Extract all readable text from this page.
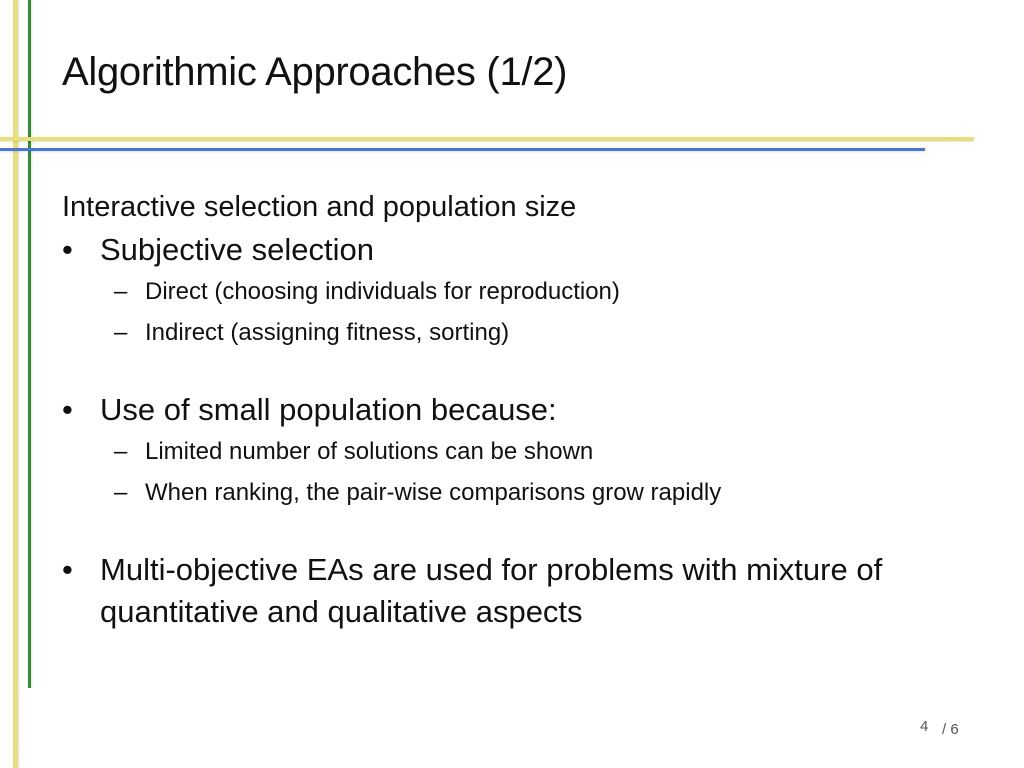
Algorithmic Approaches (1/2)

Interactive selection and population size

• Subjective selection
– Direct (choosing individuals for reproduction)
– Indirect (assigning fitness, sorting)
• Use of small population because:
– Limited number of solutions can be shown
– When ranking, the pair-wise comparisons grow rapidly
• Multi-objective EAs are used for problems with mixture of quantitative and qualitative aspects
4 / 6
